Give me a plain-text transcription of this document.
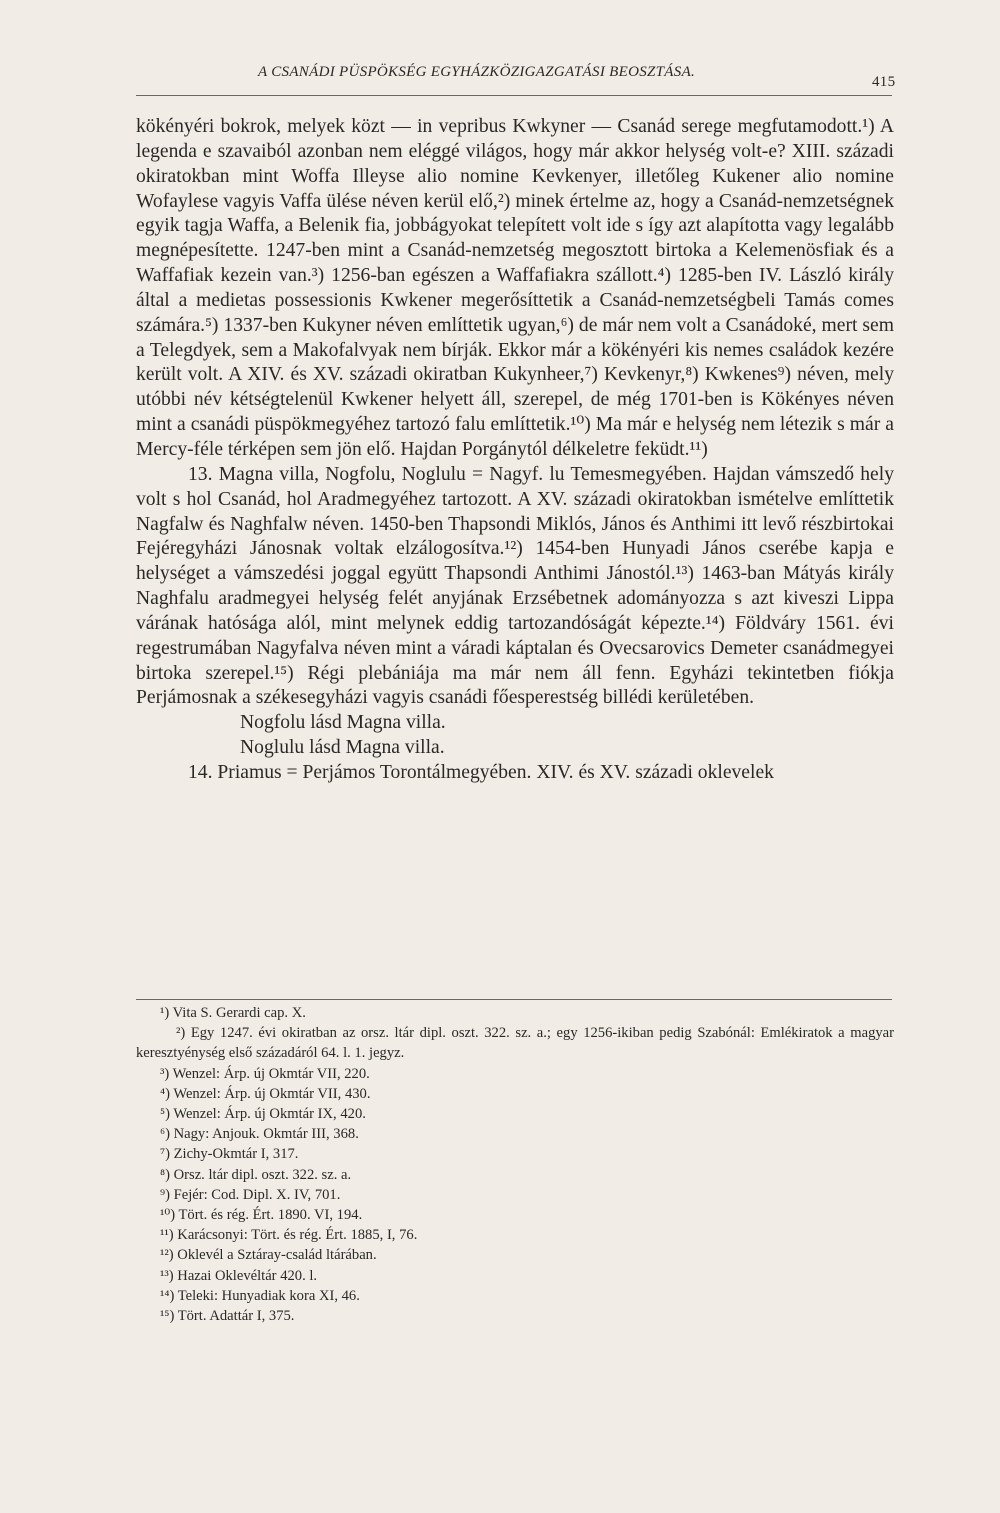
A CSANÁDI PÜSPÖKSÉG EGYHÁZKÖZIGAZGATÁSI BEOSZTÁSA.
415

kökényéri bokrok, melyek közt — in vepribus Kwkyner — Csanád serege megfutamodott.¹) A legenda e szavaiból azonban nem eléggé világos, hogy már akkor helység volt-e? XIII. századi okiratokban mint Woffa Illeyse alio nomine Kevkenyer, illetőleg Kukener alio nomine Wofaylese vagyis Vaffa ülése néven kerül elő,²) minek értelme az, hogy a Csanád-nemzetségnek egyik tagja Waffa, a Belenik fia, jobbágyokat telepített volt ide s így azt alapította vagy legalább megnépesítette. 1247-ben mint a Csanád-nemzetség megosztott birtoka a Kelemenösfiak és a Waffafiak kezein van.³) 1256-ban egészen a Waffafiakra szállott.⁴) 1285-ben IV. László király által a medietas possessionis Kwkener megerősíttetik a Csanád-nemzetségbeli Tamás comes számára.⁵) 1337-ben Kukyner néven említtetik ugyan,⁶) de már nem volt a Csanádoké, mert sem a Telegdyek, sem a Makofalvyak nem bírják. Ekkor már a kökényéri kis nemes családok kezére került volt. A XIV. és XV. századi okiratban Kukynheer,⁷) Kevkenyr,⁸) Kwkenes⁹) néven, mely utóbbi név kétségtelenül Kwkener helyett áll, szerepel, de még 1701-ben is Kökényes néven mint a csanádi püspökmegyéhez tartozó falu említtetik.¹⁰) Ma már e helység nem létezik s már a Mercy-féle térképen sem jön elő. Hajdan Porgánytól délkeletre feküdt.¹¹)

13. Magna villa, Nogfolu, Noglulu = Nagyf. lu Temesmegyében. Hajdan vámszedő hely volt s hol Csanád, hol Aradmegyéhez tartozott. A XV. századi okiratokban ismételve említtetik Nagfalw és Naghfalw néven. 1450-ben Thapsondi Miklós, János és Anthimi itt levő részbirtokai Fejéregyházi Jánosnak voltak elzálogosítva.¹²) 1454-ben Hunyadi János cserébe kapja e helységet a vámszedési joggal együtt Thapsondi Anthimi Jánostól.¹³) 1463-ban Mátyás király Naghfalu aradmegyei helység felét anyjának Erzsébetnek adományozza s azt kiveszi Lippa várának hatósága alól, mint melynek eddig tartozandóságát képezte.¹⁴) Földváry 1561. évi regestrumában Nagyfalva néven mint a váradi káptalan és Ovecsarovics Demeter csanádmegyei birtoka szerepel.¹⁵) Régi plebániája ma már nem áll fenn. Egyházi tekintetben fiókja Perjámosnak a székesegyházi vagyis csanádi főesperestség billédi kerületében.

Nogfolu lásd Magna villa.

Noglulu lásd Magna villa.

14. Priamus = Perjámos Torontálmegyében. XIV. és XV. századi oklevelek

¹) Vita S. Gerardi cap. X.

²) Egy 1247. évi okiratban az orsz. ltár dipl. oszt. 322. sz. a.; egy 1256-ikiban pedig Szabónál: Emlékiratok a magyar keresztyénység első századáról 64. l. 1. jegyz.

³) Wenzel: Árp. új Okmtár VII, 220.

⁴) Wenzel: Árp. új Okmtár VII, 430.

⁵) Wenzel: Árp. új Okmtár IX, 420.

⁶) Nagy: Anjouk. Okmtár III, 368.

⁷) Zichy-Okmtár I, 317.

⁸) Orsz. ltár dipl. oszt. 322. sz. a.

⁹) Fejér: Cod. Dipl. X. IV, 701.

¹⁰) Tört. és rég. Ért. 1890. VI, 194.

¹¹) Karácsonyi: Tört. és rég. Ért. 1885, I, 76.

¹²) Oklevél a Sztáray-család ltárában.

¹³) Hazai Oklevéltár 420. l.

¹⁴) Teleki: Hunyadiak kora XI, 46.

¹⁵) Tört. Adattár I, 375.
